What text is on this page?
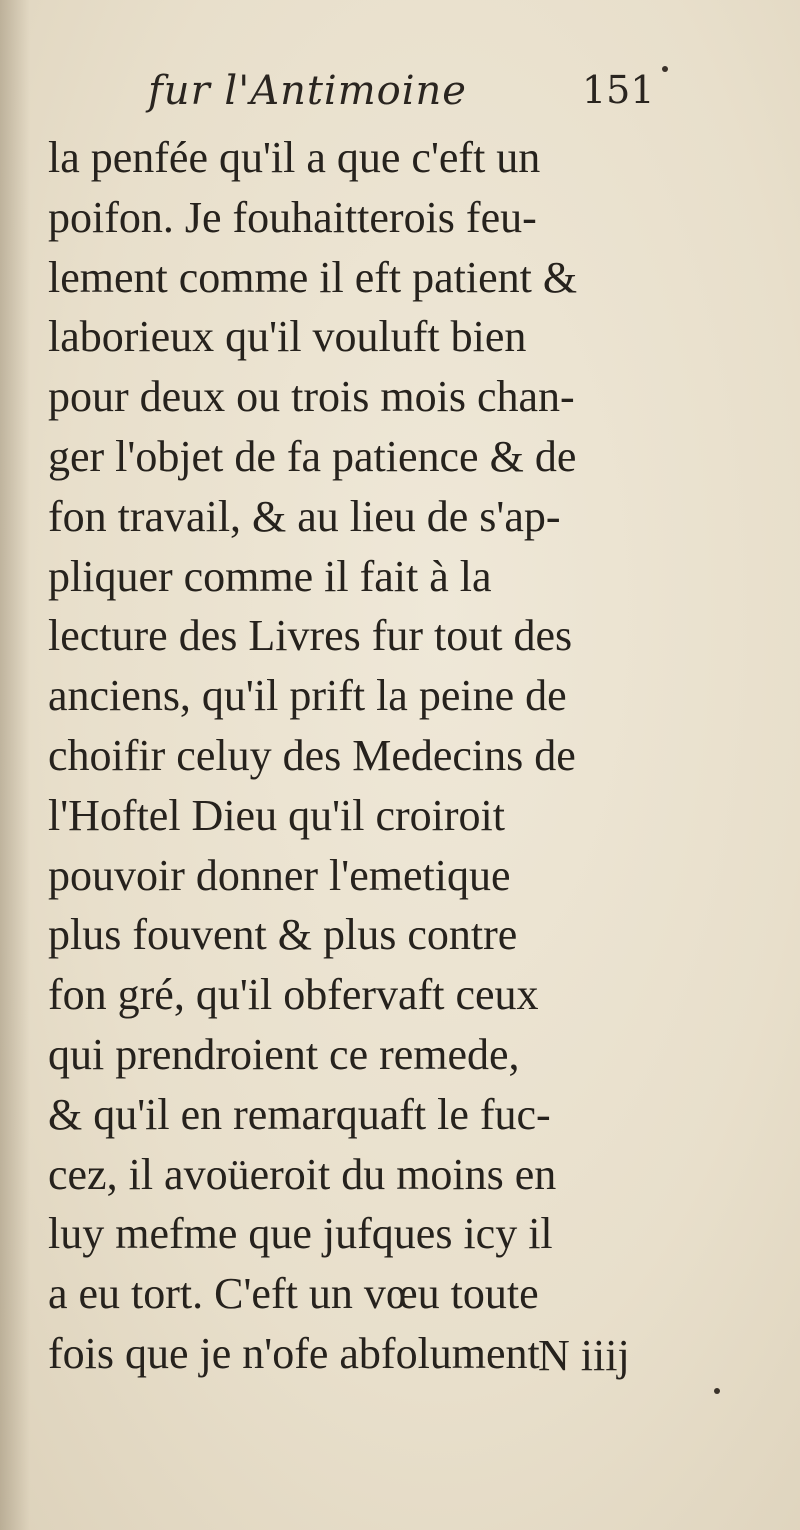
fur l'Antimoine	151
la penfée qu'il a que c'eft un
poifon. Je fouhaitterois feu-
lement comme il eft patient &
laborieux qu'il vouluft bien
pour deux ou trois mois chan-
ger l'objet de fa patience & de
fon travail, & au lieu de s'ap-
pliquer comme il fait à la
lecture des Livres fur tout des
anciens, qu'il prift la peine de
choifir celuy des Medecins de
l'Hoftel Dieu qu'il croiroit
pouvoir donner l'emetique
plus fouvent & plus contre
fon gré, qu'il obfervaft ceux
qui prendroient ce remede,
& qu'il en remarquaft le fuc-
cez, il avoüeroit du moins en
luy mefme que jufques icy il
a eu tort. C'eft un vœu toute
fois que je n'ofe abfolument
N iiij
